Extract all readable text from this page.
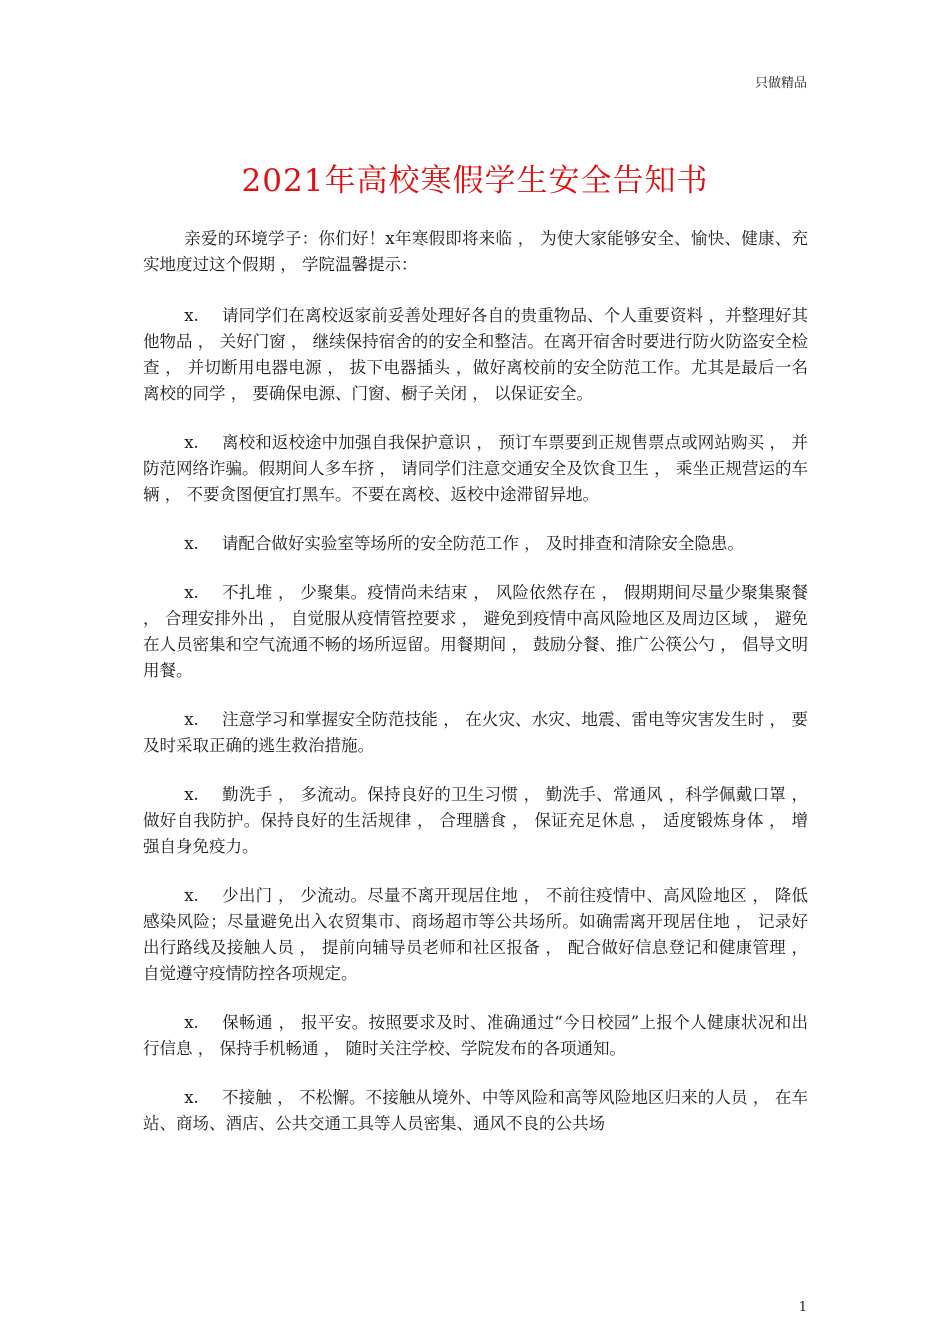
只做精品
2021年高校寒假学生安全告知书

亲爱的环境学子：你们好！x年寒假即将来临 ， 为使大家能够安全、愉快、健康、充实地度过这个假期 ， 学院温馨提示：

x. 请同学们在离校返家前妥善处理好各自的贵重物品、个人重要资料 ，并整理好其他物品 ， 关好门窗 ， 继续保持宿舍的的安全和整洁。在离开宿舍时要进行防火防盗安全检查 ， 并切断用电器电源 ， 拔下电器插头 ，做好离校前的安全防范工作。尤其是最后一名离校的同学 ， 要确保电源、门窗、橱子关闭 ， 以保证安全。

x. 离校和返校途中加强自我保护意识 ， 预订车票要到正规售票点或网站购买 ， 并防范网络诈骗。假期间人多车挤 ， 请同学们注意交通安全及饮食卫生 ， 乘坐正规营运的车辆 ， 不要贪图便宜打黑车。不要在离校、返校中途滞留异地。

x. 请配合做好实验室等场所的安全防范工作 ， 及时排查和清除安全隐患。

x. 不扎堆 ， 少聚集。疫情尚未结束 ， 风险依然存在 ， 假期期间尽量少聚集聚餐 ， 合理安排外出 ， 自觉服从疫情管控要求 ， 避免到疫情中高风险地区及周边区域 ， 避免在人员密集和空气流通不畅的场所逗留。用餐期间 ， 鼓励分餐、推广公筷公勺 ， 倡导文明用餐。

x. 注意学习和掌握安全防范技能 ， 在火灾、水灾、地震、雷电等灾害发生时 ， 要及时采取正确的逃生救治措施。

x. 勤洗手 ， 多流动。保持良好的卫生习惯 ， 勤洗手、常通风 ，科学佩戴口罩 ， 做好自我防护。保持良好的生活规律 ， 合理膳食 ， 保证充足休息 ， 适度锻炼身体 ， 增强自身免疫力。

x. 少出门 ， 少流动。尽量不离开现居住地 ， 不前往疫情中、高风险地区 ， 降低感染风险；尽量避免出入农贸集市、商场超市等公共场所。如确需离开现居住地 ， 记录好出行路线及接触人员 ， 提前向辅导员老师和社区报备 ， 配合做好信息登记和健康管理 ， 自觉遵守疫情防控各项规定。

x. 保畅通 ， 报平安。按照要求及时、准确通过“今日校园”上报个人健康状况和出行信息 ， 保持手机畅通 ， 随时关注学校、学院发布的各项通知。

x. 不接触 ， 不松懈。不接触从境外、中等风险和高等风险地区归来的人员 ， 在车站、商场、酒店、公共交通工具等人员密集、通风不良的公共场

1
